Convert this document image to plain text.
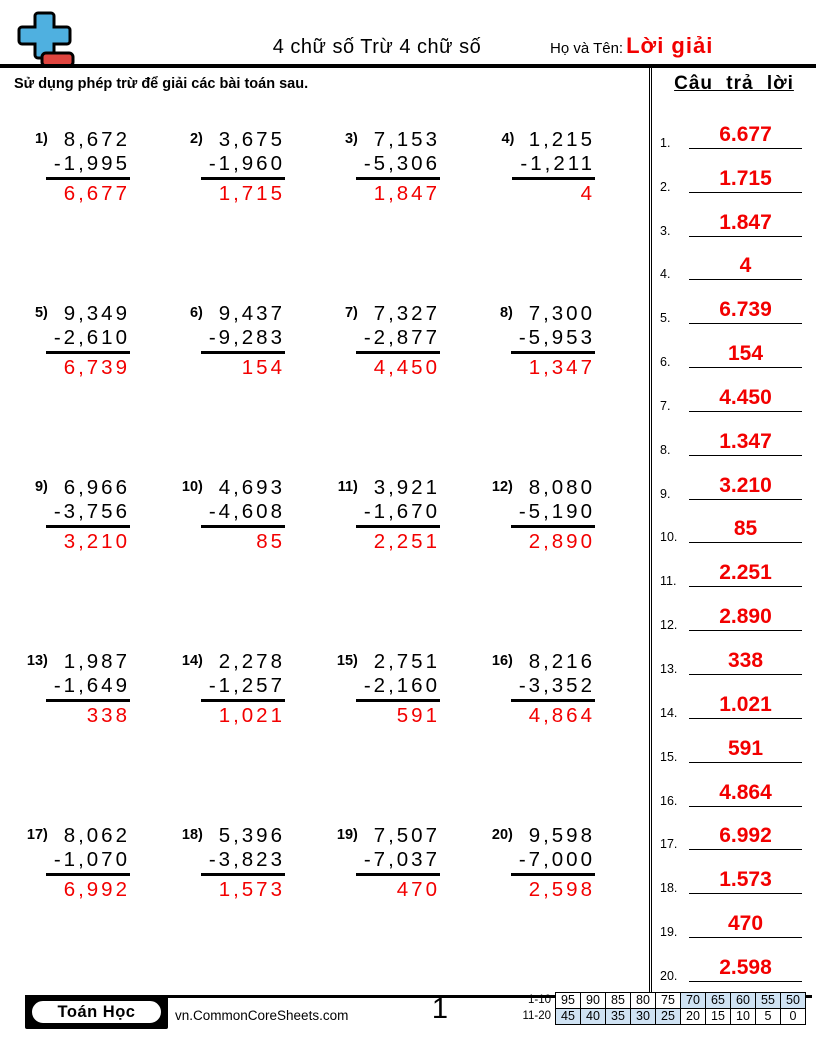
4 chữ số Trừ 4 chữ số	Họ và Tên: Lời giải
Sử dụng phép trừ để giải các bài toán sau.
1) 8,672
-1,995
6,677
2) 3,675
-1,960
1,715
3) 7,153
-5,306
1,847
4) 1,215
-1,211
4
5) 9,349
-2,610
6,739
6) 9,437
-9,283
154
7) 7,327
-2,877
4,450
8) 7,300
-5,953
1,347
9) 6,966
-3,756
3,210
10) 4,693
-4,608
85
11) 3,921
-1,670
2,251
12) 8,080
-5,190
2,890
13) 1,987
-1,649
338
14) 2,278
-1,257
1,021
15) 2,751
-2,160
591
16) 8,216
-3,352
4,864
17) 8,062
-1,070
6,992
18) 5,396
-3,823
1,573
19) 7,507
-7,037
470
20) 9,598
-7,000
2,598
Câu trả lời
1.	6.677
2.	1.715
3.	1.847
4.	4
5.	6.739
6.	154
7.	4.450
8.	1.347
9.	3.210
10.	85
11.	2.251
12.	2.890
13.	338
14.	1.021
15.	591
16.	4.864
17.	6.992
18.	1.573
19.	470
20.	2.598
Toán Học	vn.CommonCoreSheets.com	1	1-10 95 90 85 80 75 70 65 60 55 50
11-20 45 40 35 30 25 20 15 10	5	0
